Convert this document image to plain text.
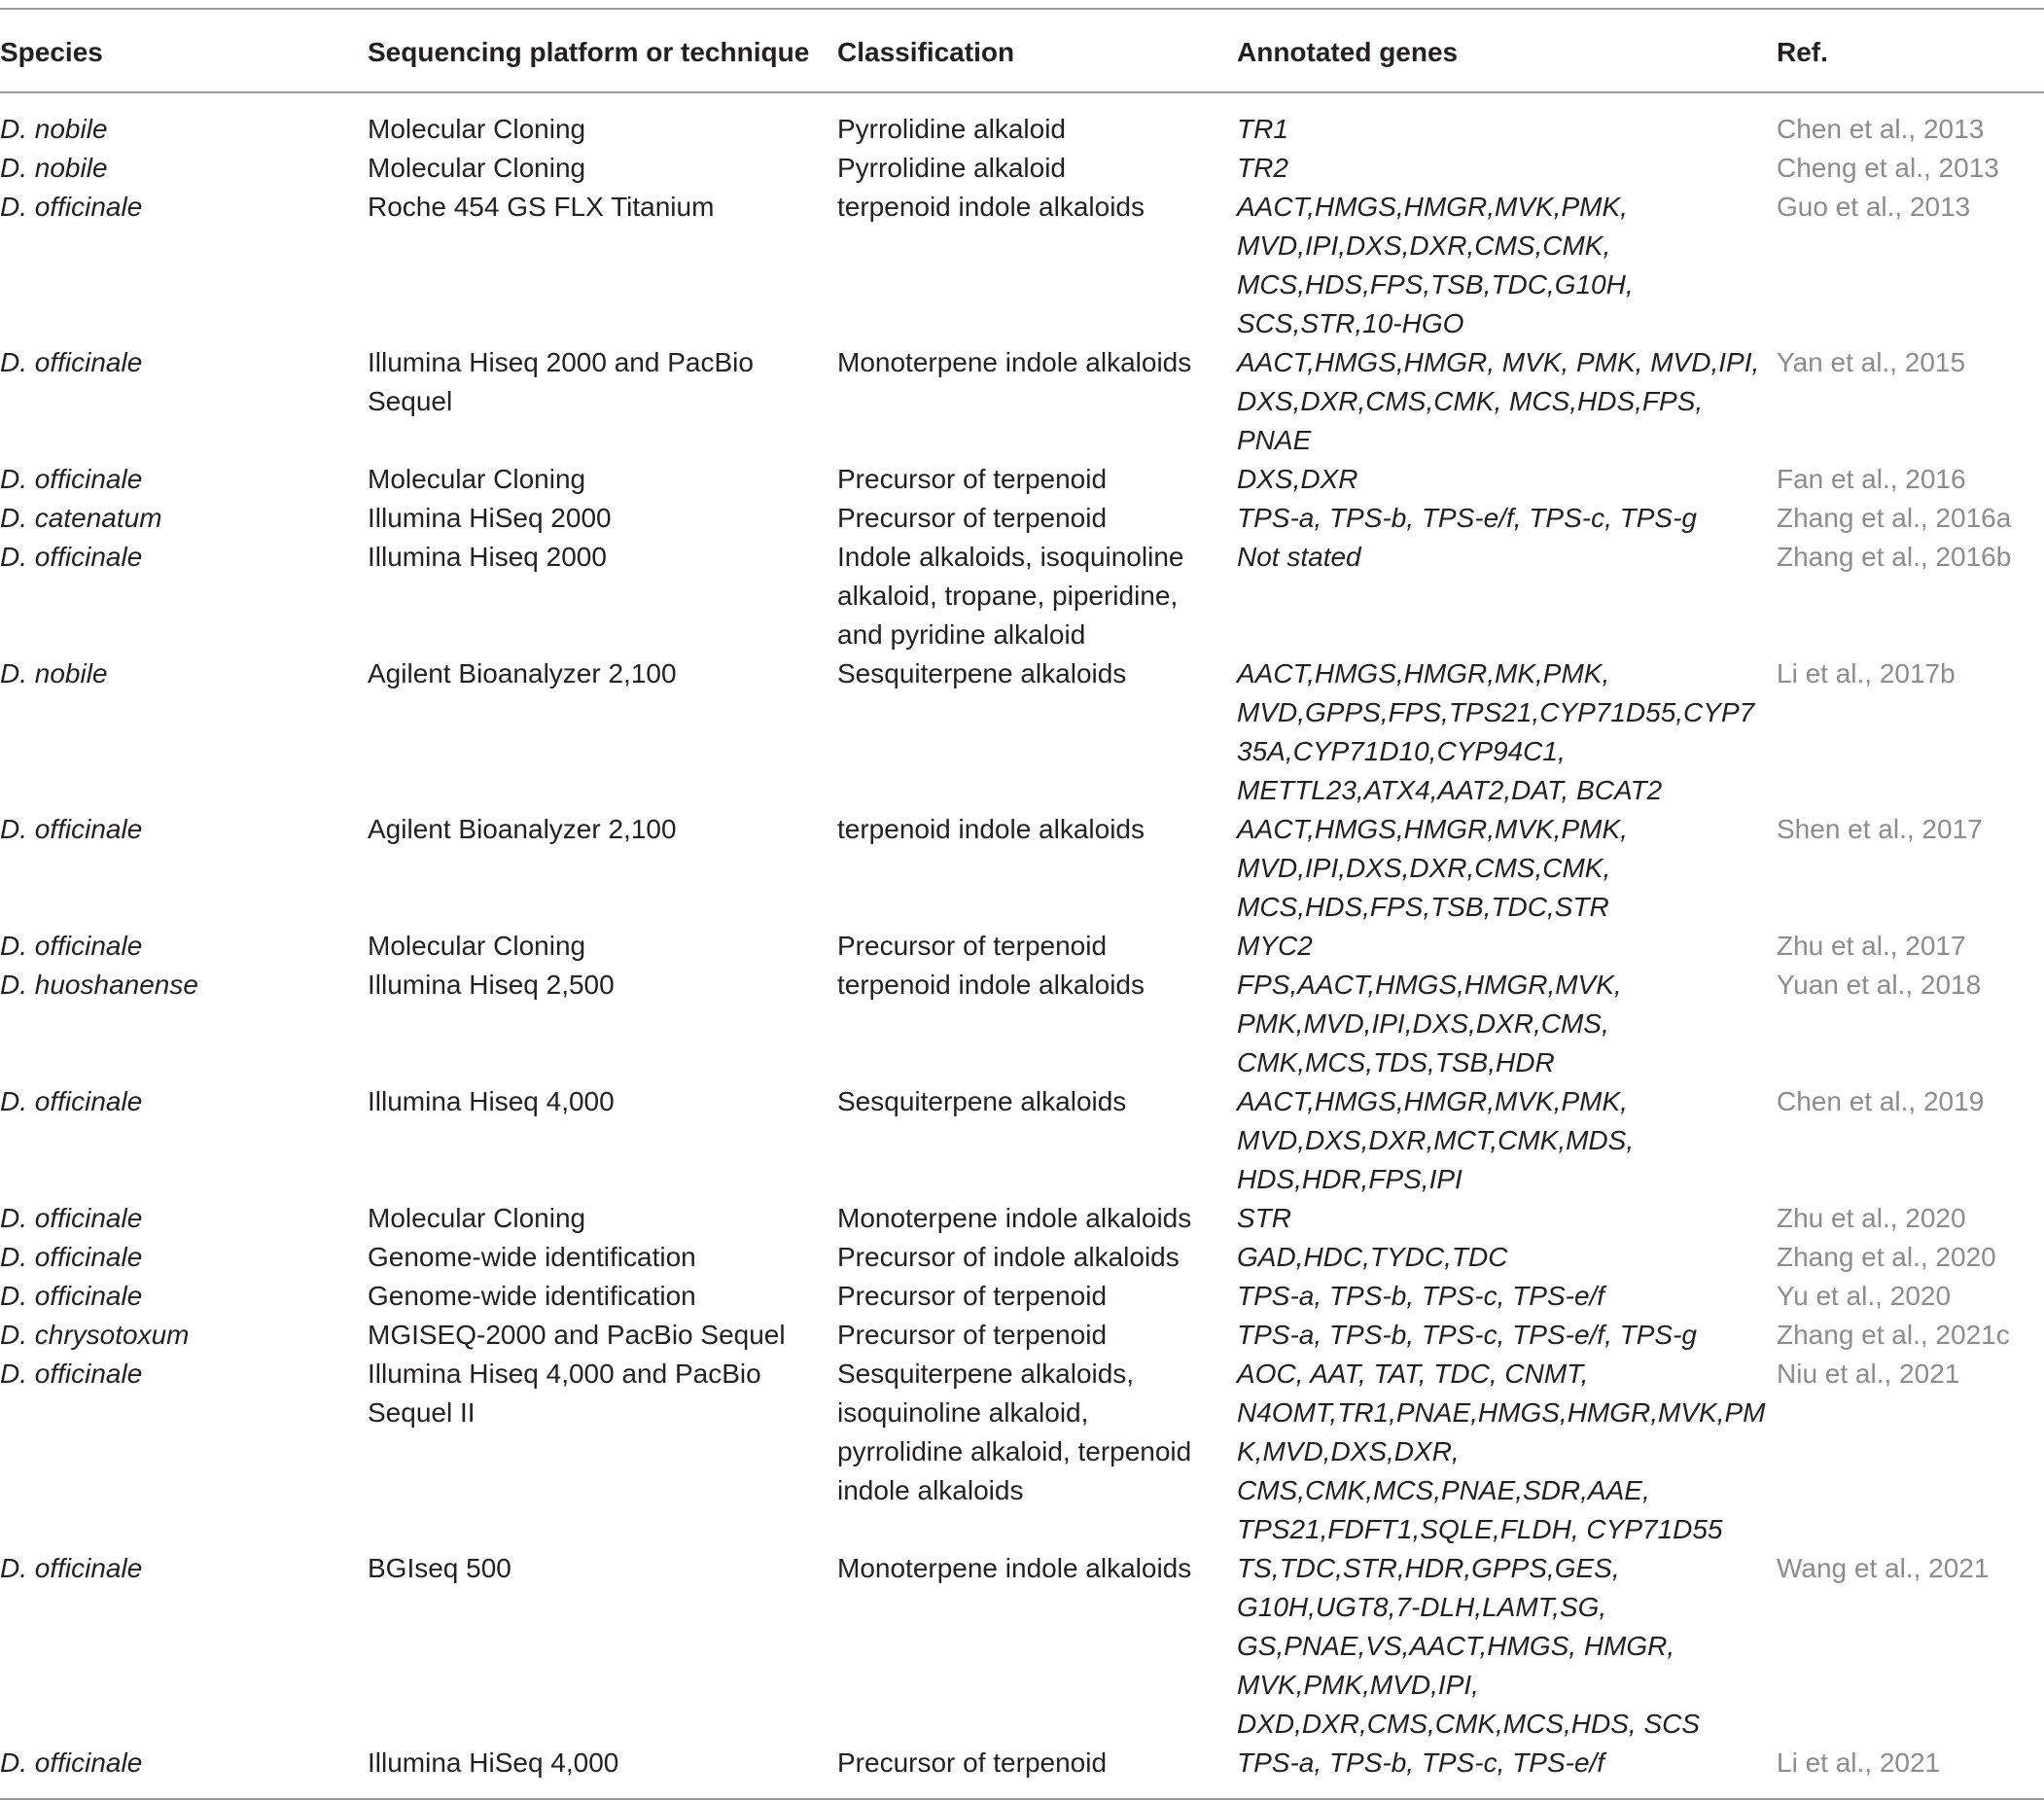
Species	Sequencing platform or technique	Classification	Annotated genes	Ref.
D. nobile	Molecular Cloning	Pyrrolidine alkaloid	TR1	Chen et al., 2013
D. nobile	Molecular Cloning	Pyrrolidine alkaloid	TR2	Cheng et al., 2013
D. officinale	Roche 454 GS FLX Titanium	terpenoid indole alkaloids	AACT,HMGS,HMGR,MVK,PMK, MVD,IPI,DXS,DXR,CMS,CMK, MCS,HDS,FPS,TSB,TDC,G10H, SCS,STR,10-HGO	Guo et al., 2013
D. officinale	Illumina Hiseq 2000 and PacBio Sequel	Monoterpene indole alkaloids	AACT,HMGS,HMGR, MVK, PMK, MVD,IPI, DXS,DXR,CMS,CMK, MCS,HDS,FPS, PNAE	Yan et al., 2015
D. officinale	Molecular Cloning	Precursor of terpenoid	DXS,DXR	Fan et al., 2016
D. catenatum	Illumina HiSeq 2000	Precursor of terpenoid	TPS-a, TPS-b, TPS-e/f, TPS-c, TPS-g	Zhang et al., 2016a
D. officinale	Illumina Hiseq 2000	Indole alkaloids, isoquinoline alkaloid, tropane, piperidine, and pyridine alkaloid	Not stated	Zhang et al., 2016b
D. nobile	Agilent Bioanalyzer 2,100	Sesquiterpene alkaloids	AACT,HMGS,HMGR,MK,PMK, MVD,GPPS,FPS,TPS21,CYP71D55,CYP735A,CYP71D10,CYP94C1, METTL23,ATX4,AAT2,DAT, BCAT2	Li et al., 2017b
D. officinale	Agilent Bioanalyzer 2,100	terpenoid indole alkaloids	AACT,HMGS,HMGR,MVK,PMK, MVD,IPI,DXS,DXR,CMS,CMK, MCS,HDS,FPS,TSB,TDC,STR	Shen et al., 2017
D. officinale	Molecular Cloning	Precursor of terpenoid	MYC2	Zhu et al., 2017
D. huoshanense	Illumina Hiseq 2,500	terpenoid indole alkaloids	FPS,AACT,HMGS,HMGR,MVK, PMK,MVD,IPI,DXS,DXR,CMS, CMK,MCS,TDS,TSB,HDR	Yuan et al., 2018
D. officinale	Illumina Hiseq 4,000	Sesquiterpene alkaloids	AACT,HMGS,HMGR,MVK,PMK, MVD,DXS,DXR,MCT,CMK,MDS, HDS,HDR,FPS,IPI	Chen et al., 2019
D. officinale	Molecular Cloning	Monoterpene indole alkaloids	STR	Zhu et al., 2020
D. officinale	Genome-wide identification	Precursor of indole alkaloids	GAD,HDC,TYDC,TDC	Zhang et al., 2020
D. officinale	Genome-wide identification	Precursor of terpenoid	TPS-a, TPS-b, TPS-c, TPS-e/f	Yu et al., 2020
D. chrysotoxum	MGISEQ-2000 and PacBio Sequel	Precursor of terpenoid	TPS-a, TPS-b, TPS-c, TPS-e/f, TPS-g	Zhang et al., 2021c
D. officinale	Illumina Hiseq 4,000 and PacBio Sequel II	Sesquiterpene alkaloids, isoquinoline alkaloid, pyrrolidine alkaloid, terpenoid indole alkaloids	AOC, AAT, TAT, TDC, CNMT, N4OMT,TR1,PNAE,HMGS,HMGR,MVK,PMK,MVD,DXS,DXR, CMS,CMK,MCS,PNAE,SDR,AAE, TPS21,FDFT1,SQLE,FLDH, CYP71D55	Niu et al., 2021
D. officinale	BGIseq 500	Monoterpene indole alkaloids	TS,TDC,STR,HDR,GPPS,GES, G10H,UGT8,7-DLH,LAMT,SG, GS,PNAE,VS,AACT,HMGS, HMGR, MVK,PMK,MVD,IPI, DXD,DXR,CMS,CMK,MCS,HDS, SCS	Wang et al., 2021
D. officinale	Illumina HiSeq 4,000	Precursor of terpenoid	TPS-a, TPS-b, TPS-c, TPS-e/f	Li et al., 2021
